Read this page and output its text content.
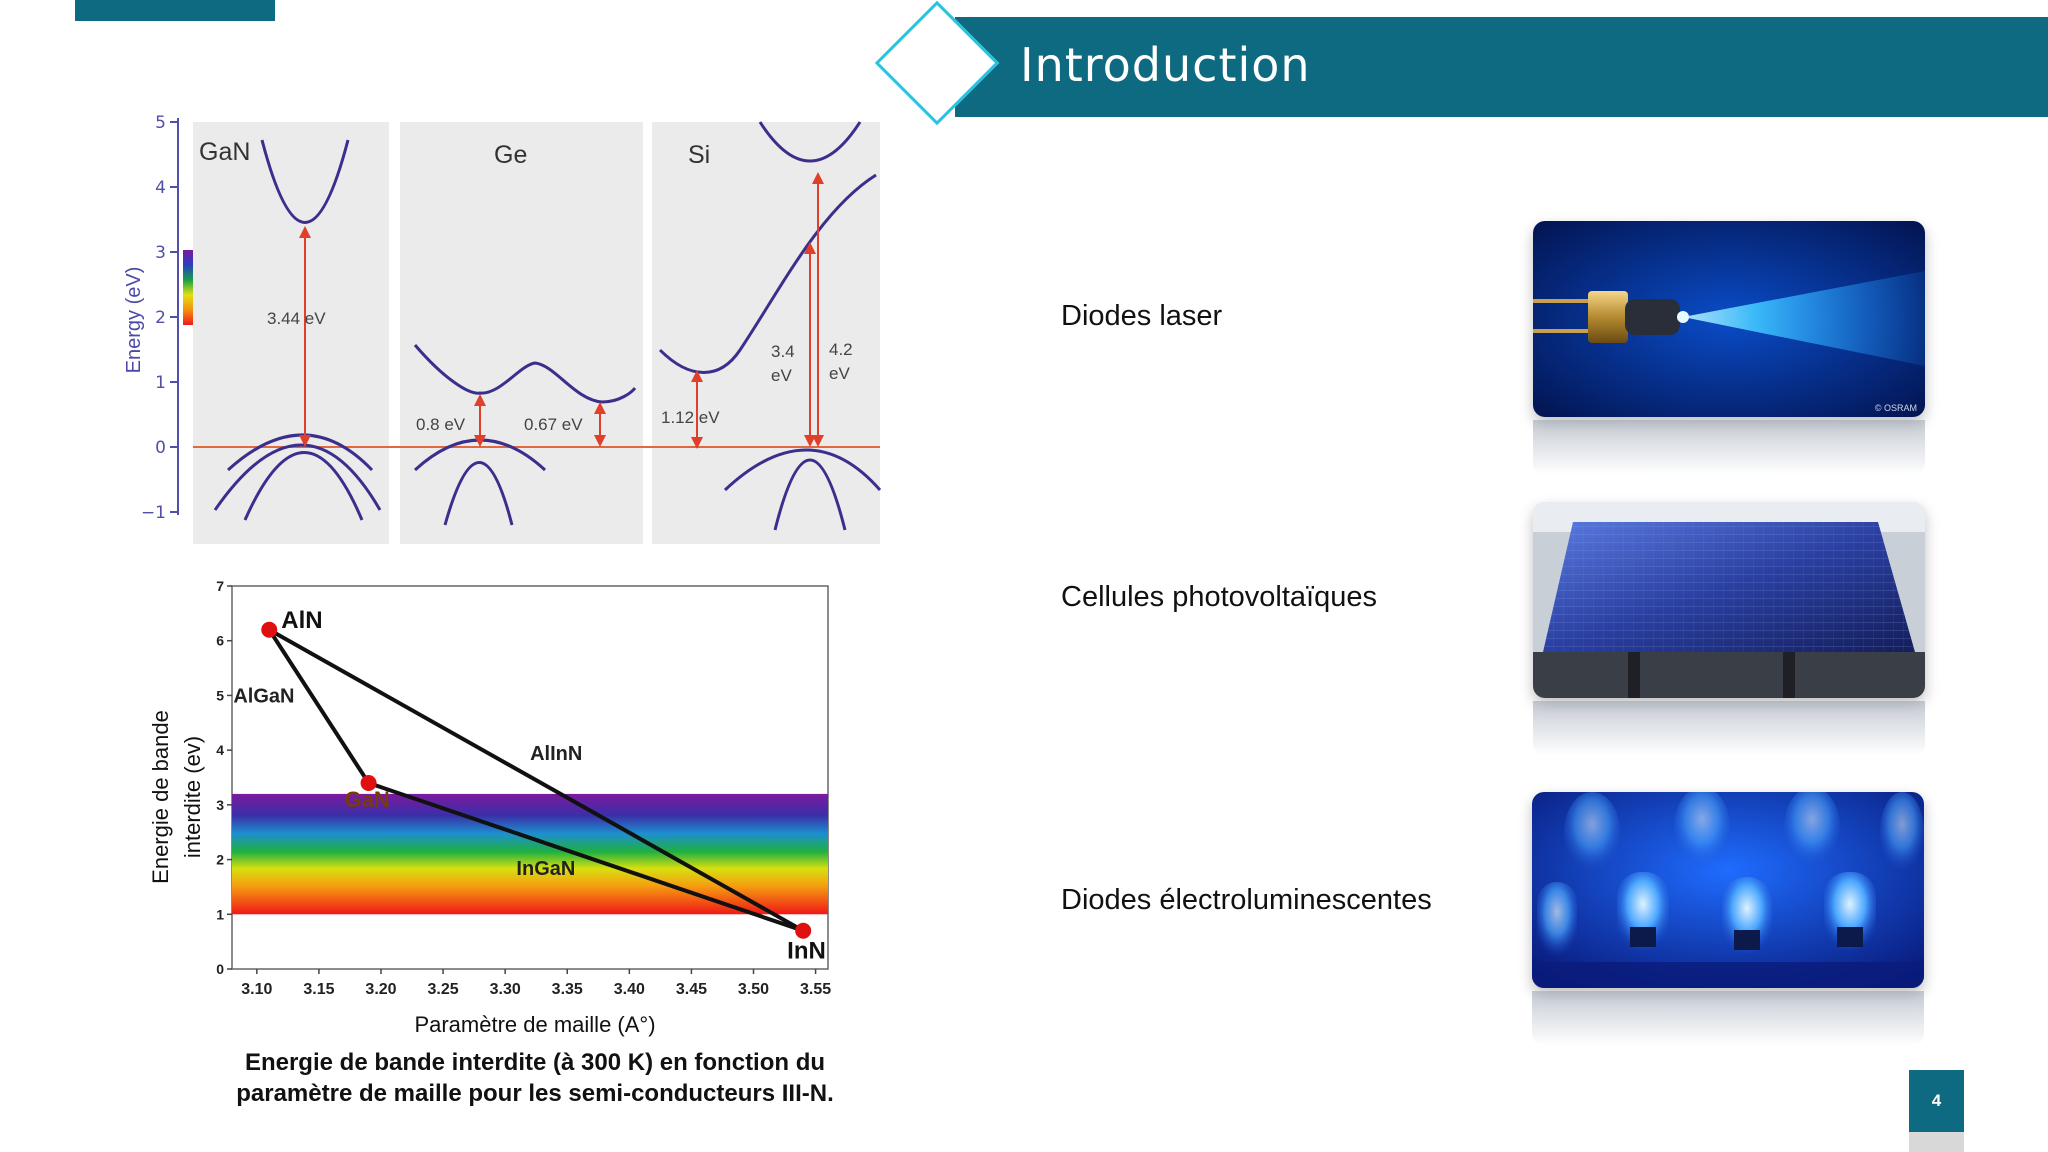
Introduction
5
4
3
2
1
0
−1
Energy (eV)
GaN
3.44 eV
Ge
0.8 eV	0.67 eV
Si
1.12 eV
3.4
eV
4.2
eV
3.10 3.15 3.20 3.25 3.30 3.35 3.40 3.45 3.50 3.55
0
1
2
3
4
5
6
7
AlGaN
AlInN
InGaN
AlN
GaN
InN
Energie de bande interdite (ev)
Paramètre de maille (A°)
Energie de bande interdite (à 300 K) en fonction du
paramètre de maille pour les semi-conducteurs III-N.
Diodes laser
© OSRAM
Cellules photovoltaïques
Diodes électroluminescentes
4
